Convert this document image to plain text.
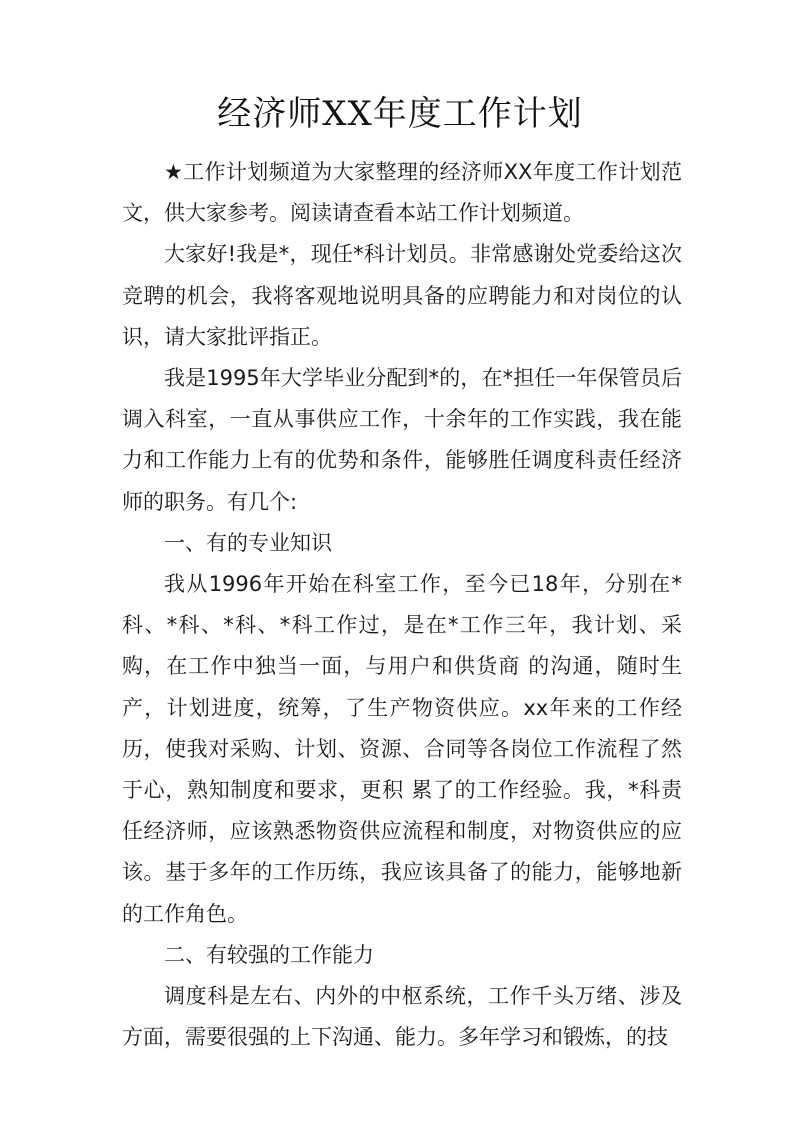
经济师XX年度工作计划

★工作计划频道为大家整理的经济师XX年度工作计划范文，供大家参考。阅读请查看本站工作计划频道。

大家好!我是*，现任*科计划员。非常感谢处党委给这次竞聘的机会，我将客观地说明具备的应聘能力和对岗位的认识，请大家批评指正。

我是1995年大学毕业分配到*的，在*担任一年保管员后调入科室，一直从事供应工作，十余年的工作实践，我在能力和工作能力上有的优势和条件，能够胜任调度科责任经济师的职务。有几个:

一、有的专业知识

我从1996年开始在科室工作，至今已18年，分别在*科、*科、*科、*科工作过，是在*工作三年，我计划、采购，在工作中独当一面，与用户和供货商 的沟通，随时生产，计划进度，统筹，了生产物资供应。xx年来的工作经历，使我对采购、计划、资源、合同等各岗位工作流程了然于心，熟知制度和要求，更积 累了的工作经验。我，*科责任经济师，应该熟悉物资供应流程和制度，对物资供应的应该。基于多年的工作历练，我应该具备了的能力，能够地新的工作角色。

二、有较强的工作能力

调度科是左右、内外的中枢系统，工作千头万绪、涉及方面，需要很强的上下沟通、能力。多年学习和锻炼，的技
